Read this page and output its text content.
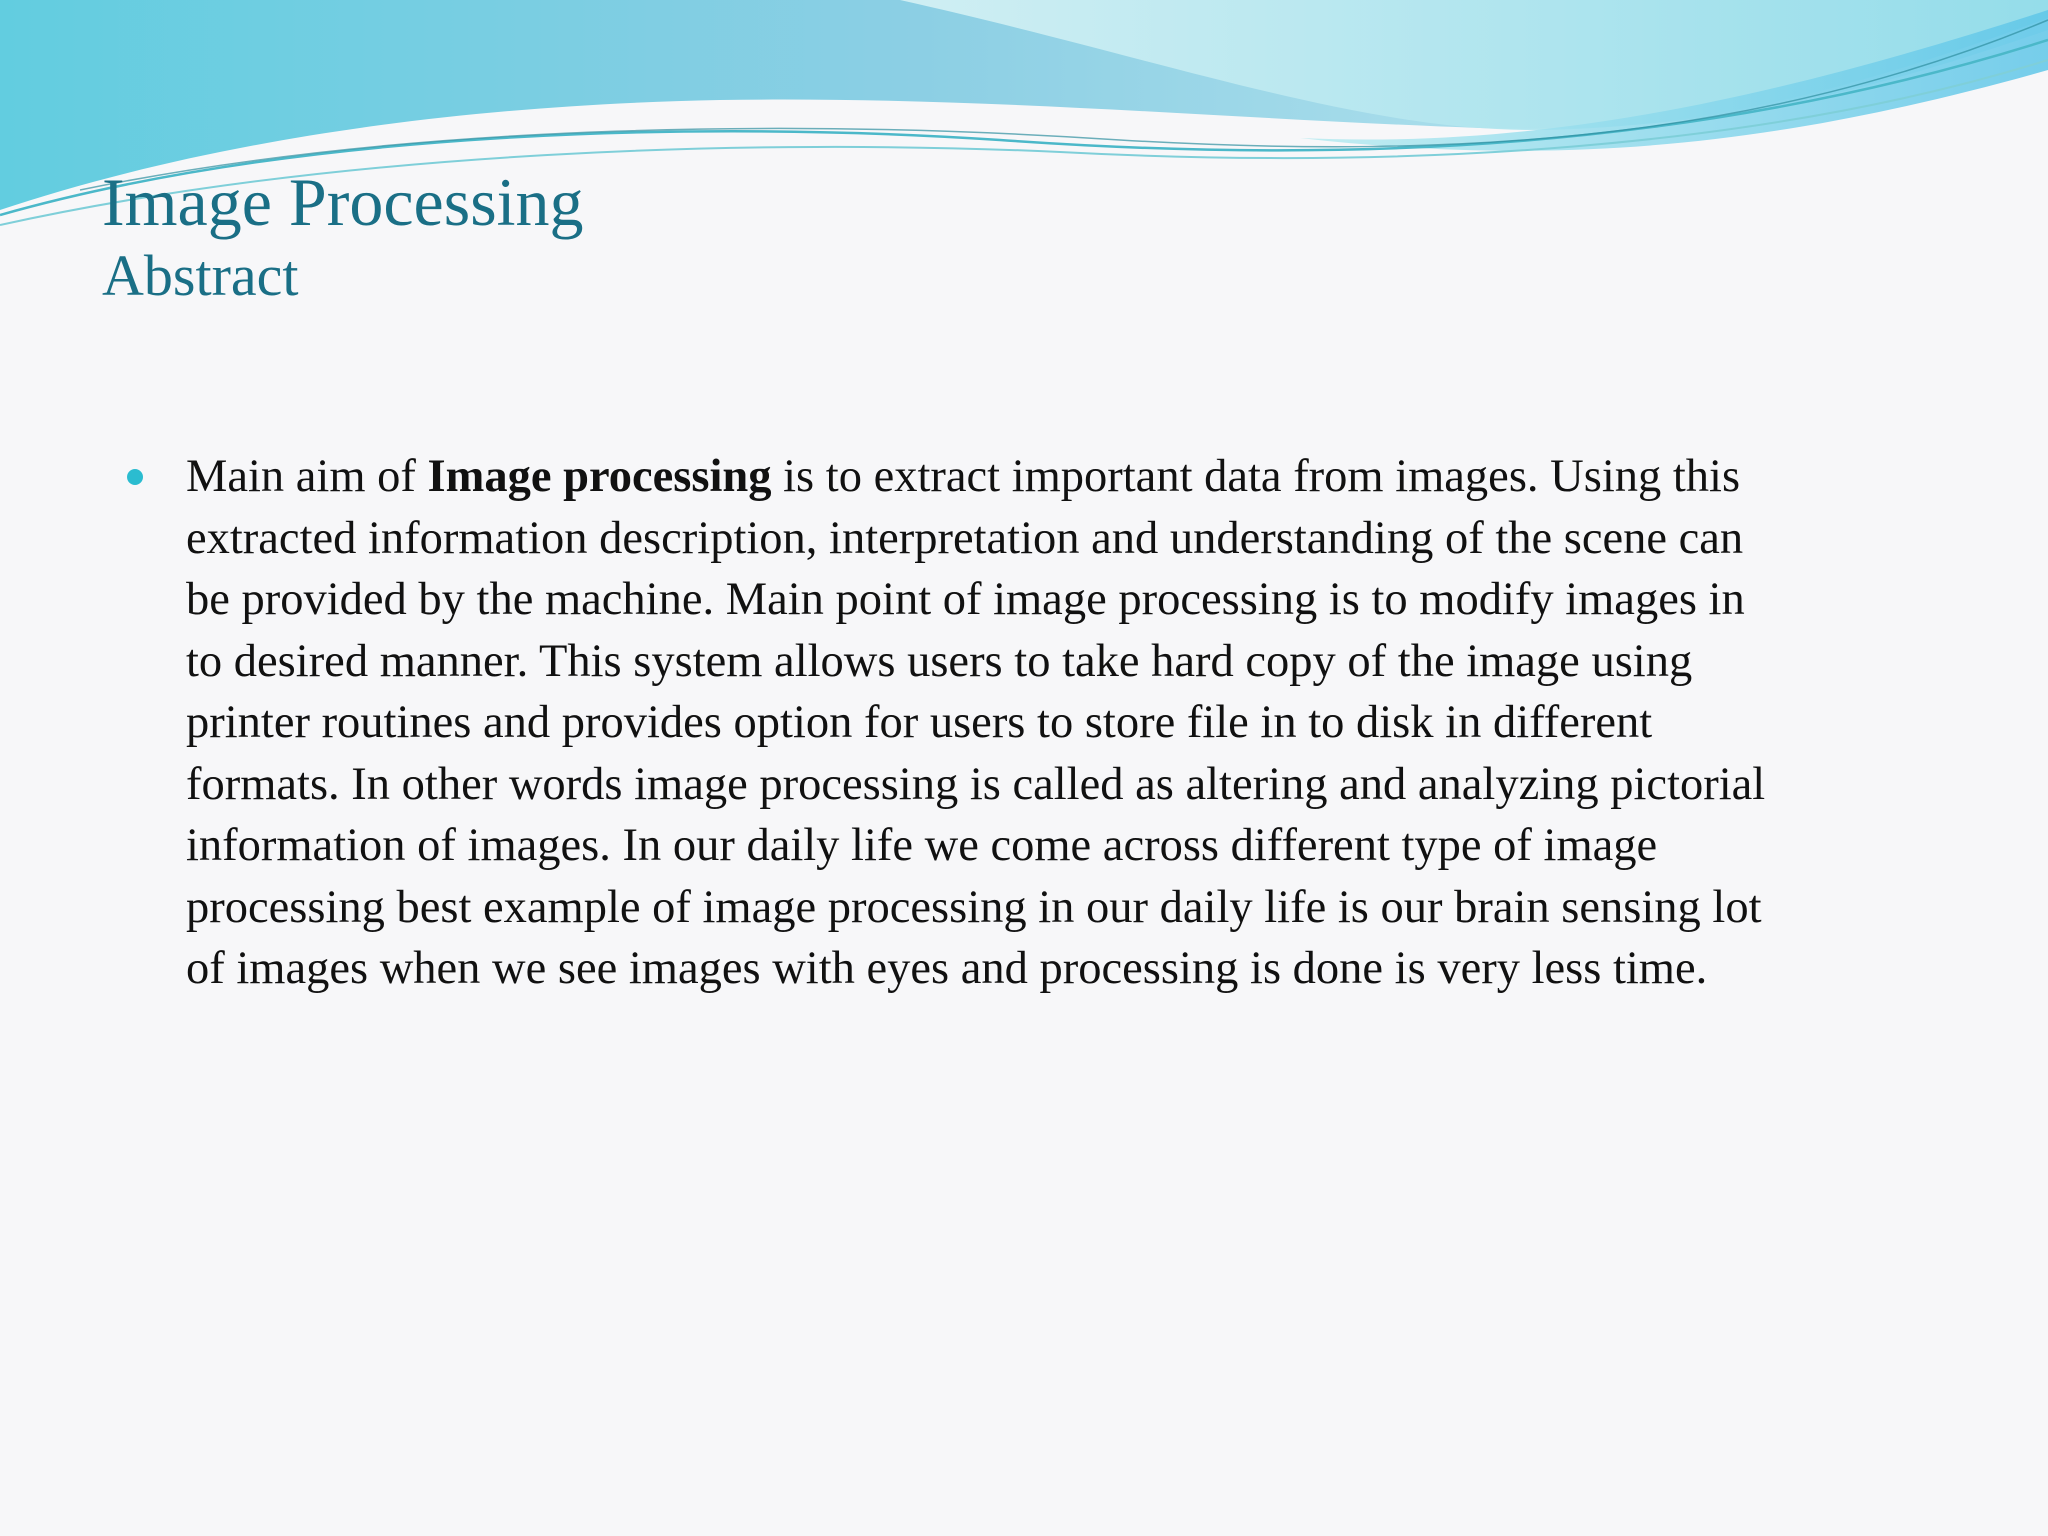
Image Processing
Abstract
Main aim of Image processing is to extract important data from images. Using this
extracted information description, interpretation and understanding of the scene can
be provided by the machine. Main point of image processing is to modify images in
to desired manner. This system allows users to take hard copy of the image using
printer routines and provides option for users to store file in to disk in different
formats. In other words image processing is called as altering and analyzing pictorial
information of images. In our daily life we come across different type of image
processing best example of image processing in our daily life is our brain sensing lot
of images when we see images with eyes and processing is done is very less time.
